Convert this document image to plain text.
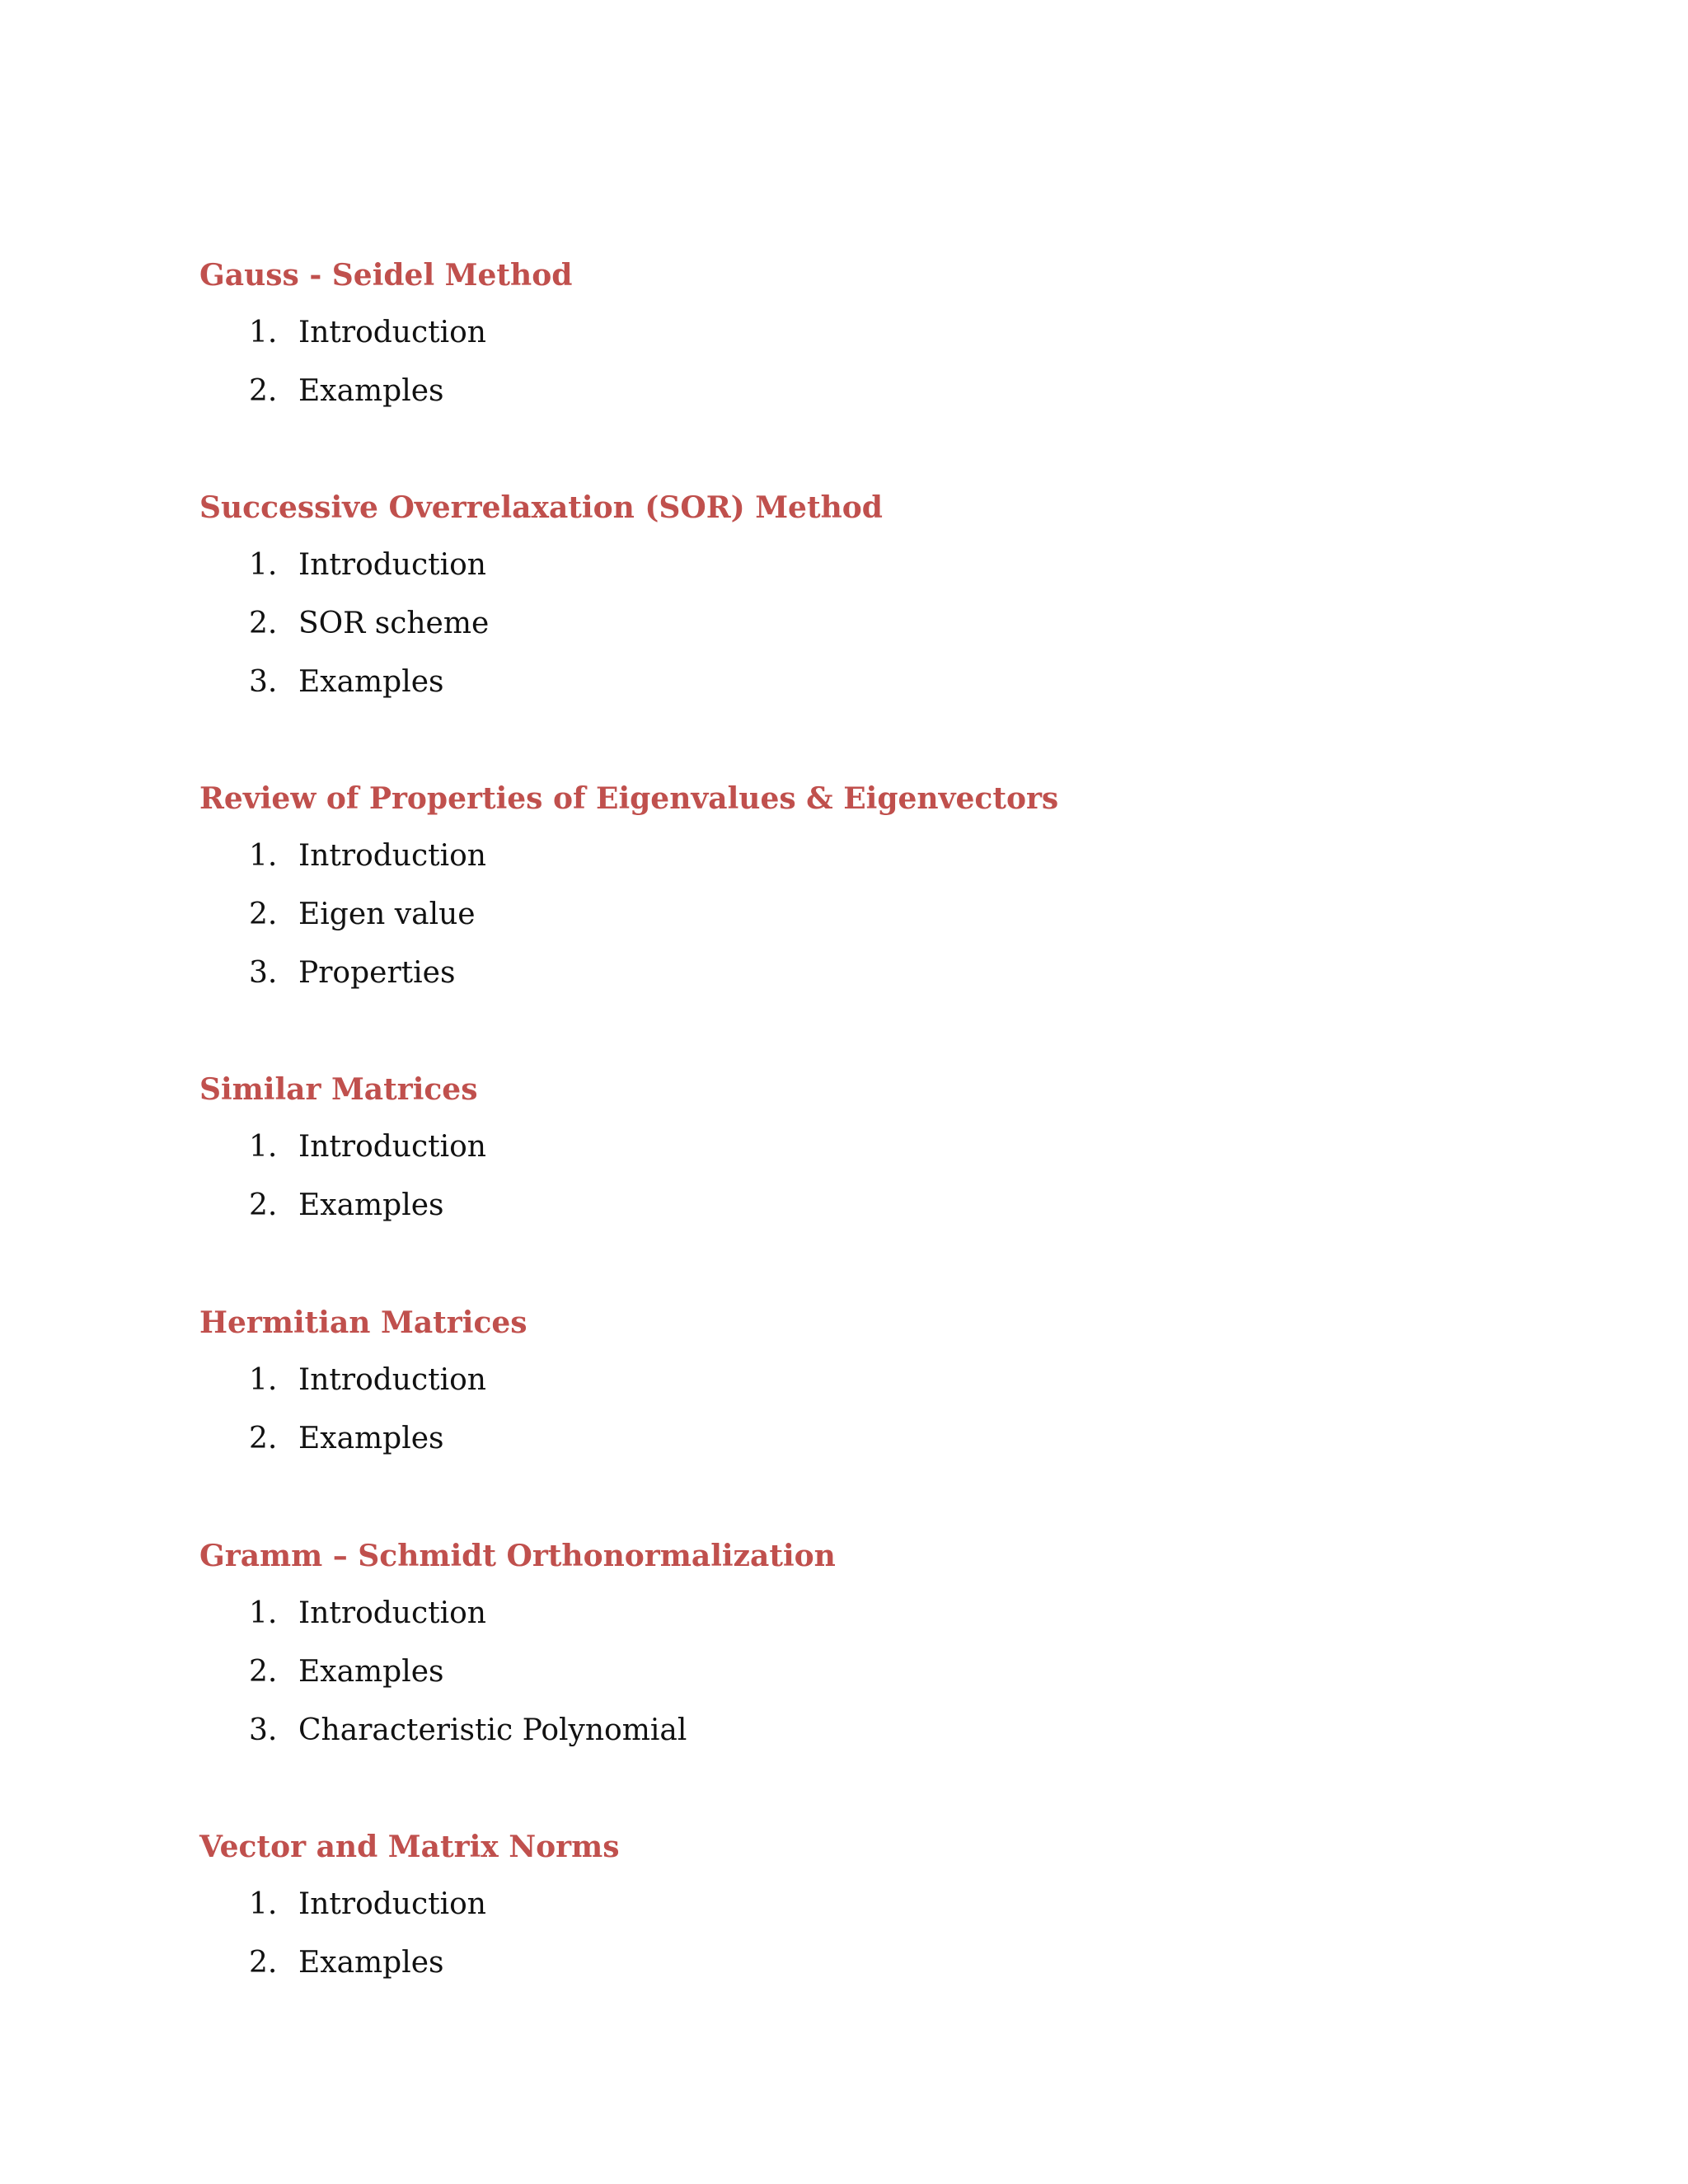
Gauss - Seidel Method
1. Introduction
2. Examples
Successive Overrelaxation (SOR) Method
1. Introduction
2. SOR scheme
3. Examples
Review of Properties of Eigenvalues & Eigenvectors
1. Introduction
2. Eigen value
3. Properties
Similar Matrices
1. Introduction
2. Examples
Hermitian Matrices
1. Introduction
2. Examples
Gramm – Schmidt Orthonormalization
1. Introduction
2. Examples
3. Characteristic Polynomial
Vector and Matrix Norms
1. Introduction
2. Examples
